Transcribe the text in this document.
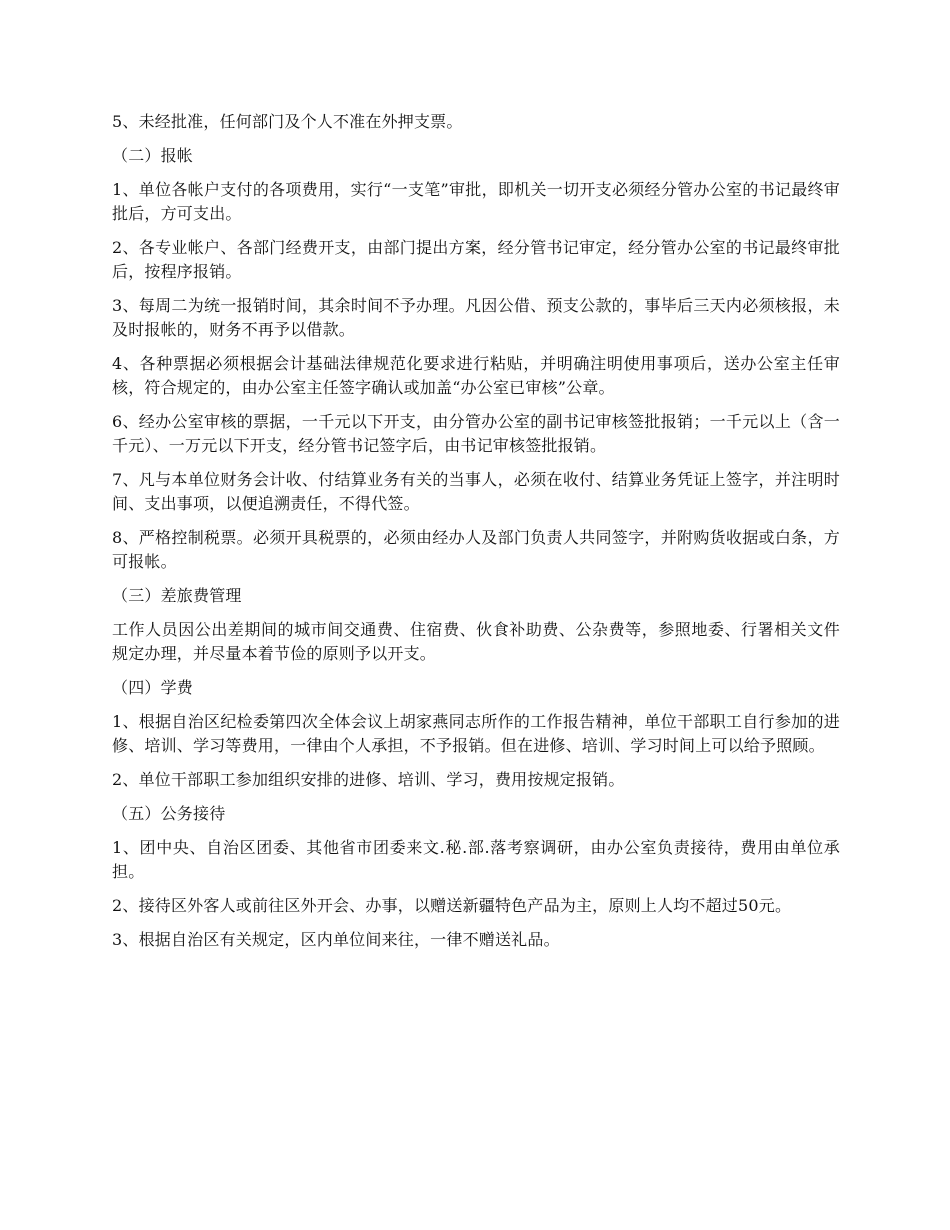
5、未经批准，任何部门及个人不准在外押支票。

（二）报帐

1、单位各帐户支付的各项费用，实行“一支笔”审批，即机关一切开支必须经分管办公室的书记最终审批后，方可支出。

2、各专业帐户、各部门经费开支，由部门提出方案，经分管书记审定，经分管办公室的书记最终审批后，按程序报销。

3、每周二为统一报销时间，其余时间不予办理。凡因公借、预支公款的，事毕后三天内必须核报，未及时报帐的，财务不再予以借款。

4、各种票据必须根据会计基础法律规范化要求进行粘贴，并明确注明使用事项后，送办公室主任审核，符合规定的，由办公室主任签字确认或加盖“办公室已审核”公章。

6、经办公室审核的票据，一千元以下开支，由分管办公室的副书记审核签批报销；一千元以上（含一千元）、一万元以下开支，经分管书记签字后，由书记审核签批报销。

7、凡与本单位财务会计收、付结算业务有关的当事人，必须在收付、结算业务凭证上签字，并注明时间、支出事项，以便追溯责任，不得代签。

8、严格控制税票。必须开具税票的，必须由经办人及部门负责人共同签字，并附购货收据或白条，方可报帐。

（三）差旅费管理

工作人员因公出差期间的城市间交通费、住宿费、伙食补助费、公杂费等，参照地委、行署相关文件规定办理，并尽量本着节俭的原则予以开支。

（四）学费

1、根据自治区纪检委第四次全体会议上胡家燕同志所作的工作报告精神，单位干部职工自行参加的进修、培训、学习等费用，一律由个人承担，不予报销。但在进修、培训、学习时间上可以给予照顾。

2、单位干部职工参加组织安排的进修、培训、学习，费用按规定报销。

（五）公务接待

1、团中央、自治区团委、其他省市团委来文.秘.部.落考察调研，由办公室负责接待，费用由单位承担。

2、接待区外客人或前往区外开会、办事，以赠送新疆特色产品为主，原则上人均不超过50元。

3、根据自治区有关规定，区内单位间来往，一律不赠送礼品。
